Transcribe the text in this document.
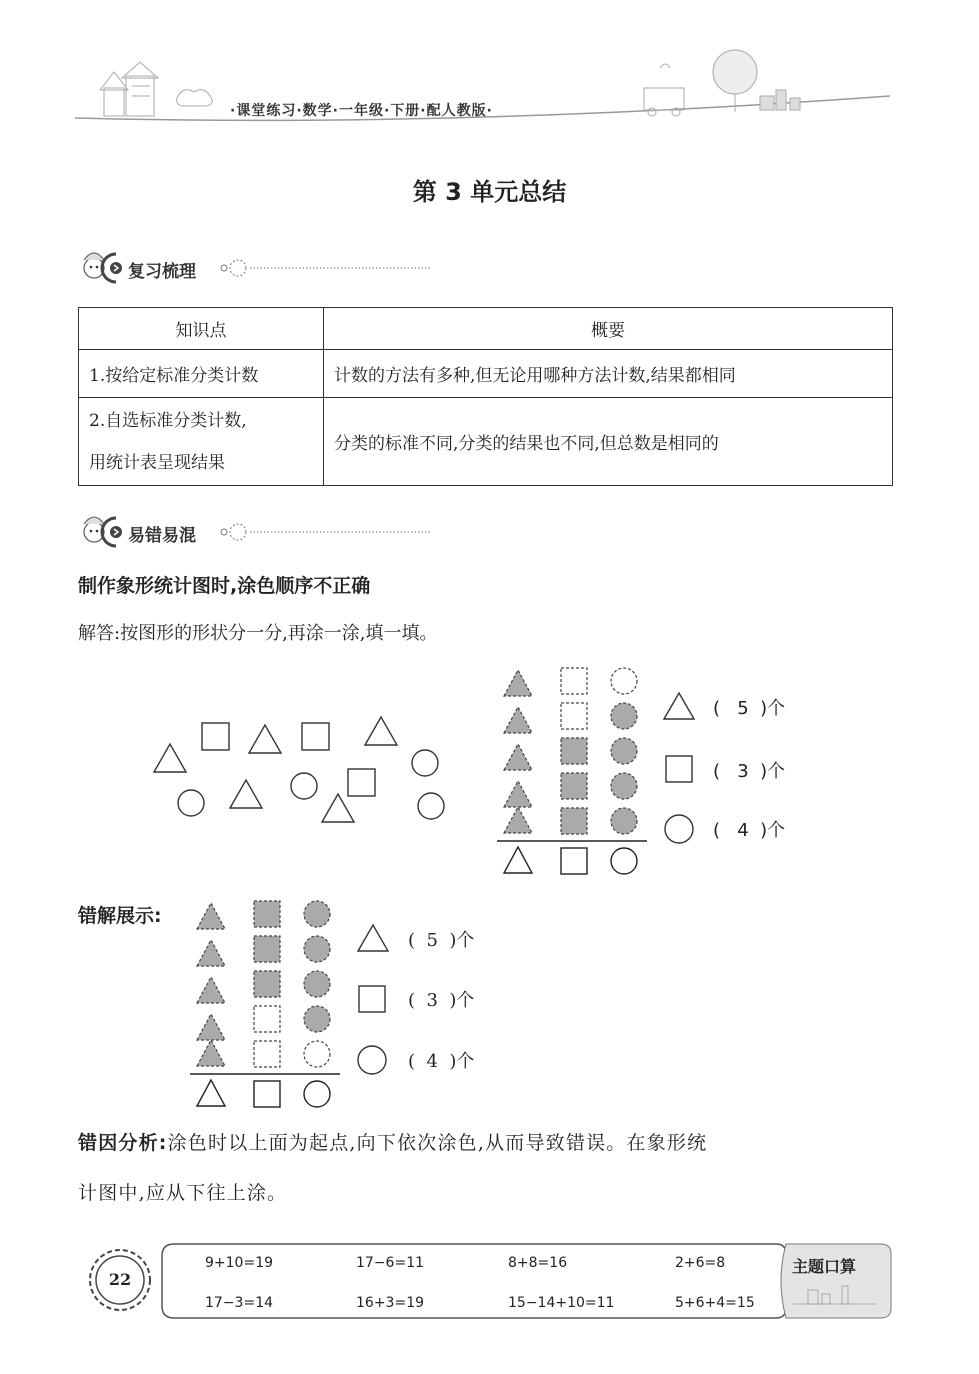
·课堂练习·数学·一年级·下册·配人教版·
第 3 单元总结
复习梳理
知识点	概要
1.按给定标准分类计数	计数的方法有多种,但无论用哪种方法计数,结果都相同

2.自选标准分类计数,
用统计表呈现结果	分类的标准不同,分类的结果也不同,但总数是相同的
易错易混
制作象形统计图时,涂色顺序不正确
解答:按图形的形状分一分,再涂一涂,填一填。
(   5  )个
(   3  )个
(   4  )个
错解展示:
(  5  )个
(  3  )个
(  4  )个
错因分析:涂色时以上面为起点,向下依次涂色,从而导致错误。在象形统
计图中,应从下往上涂。
22
主题口算
9+10=19	17−6=11	8+8=16	2+6=8
17−3=14	16+3=19	15−14+10=11	5+6+4=15
